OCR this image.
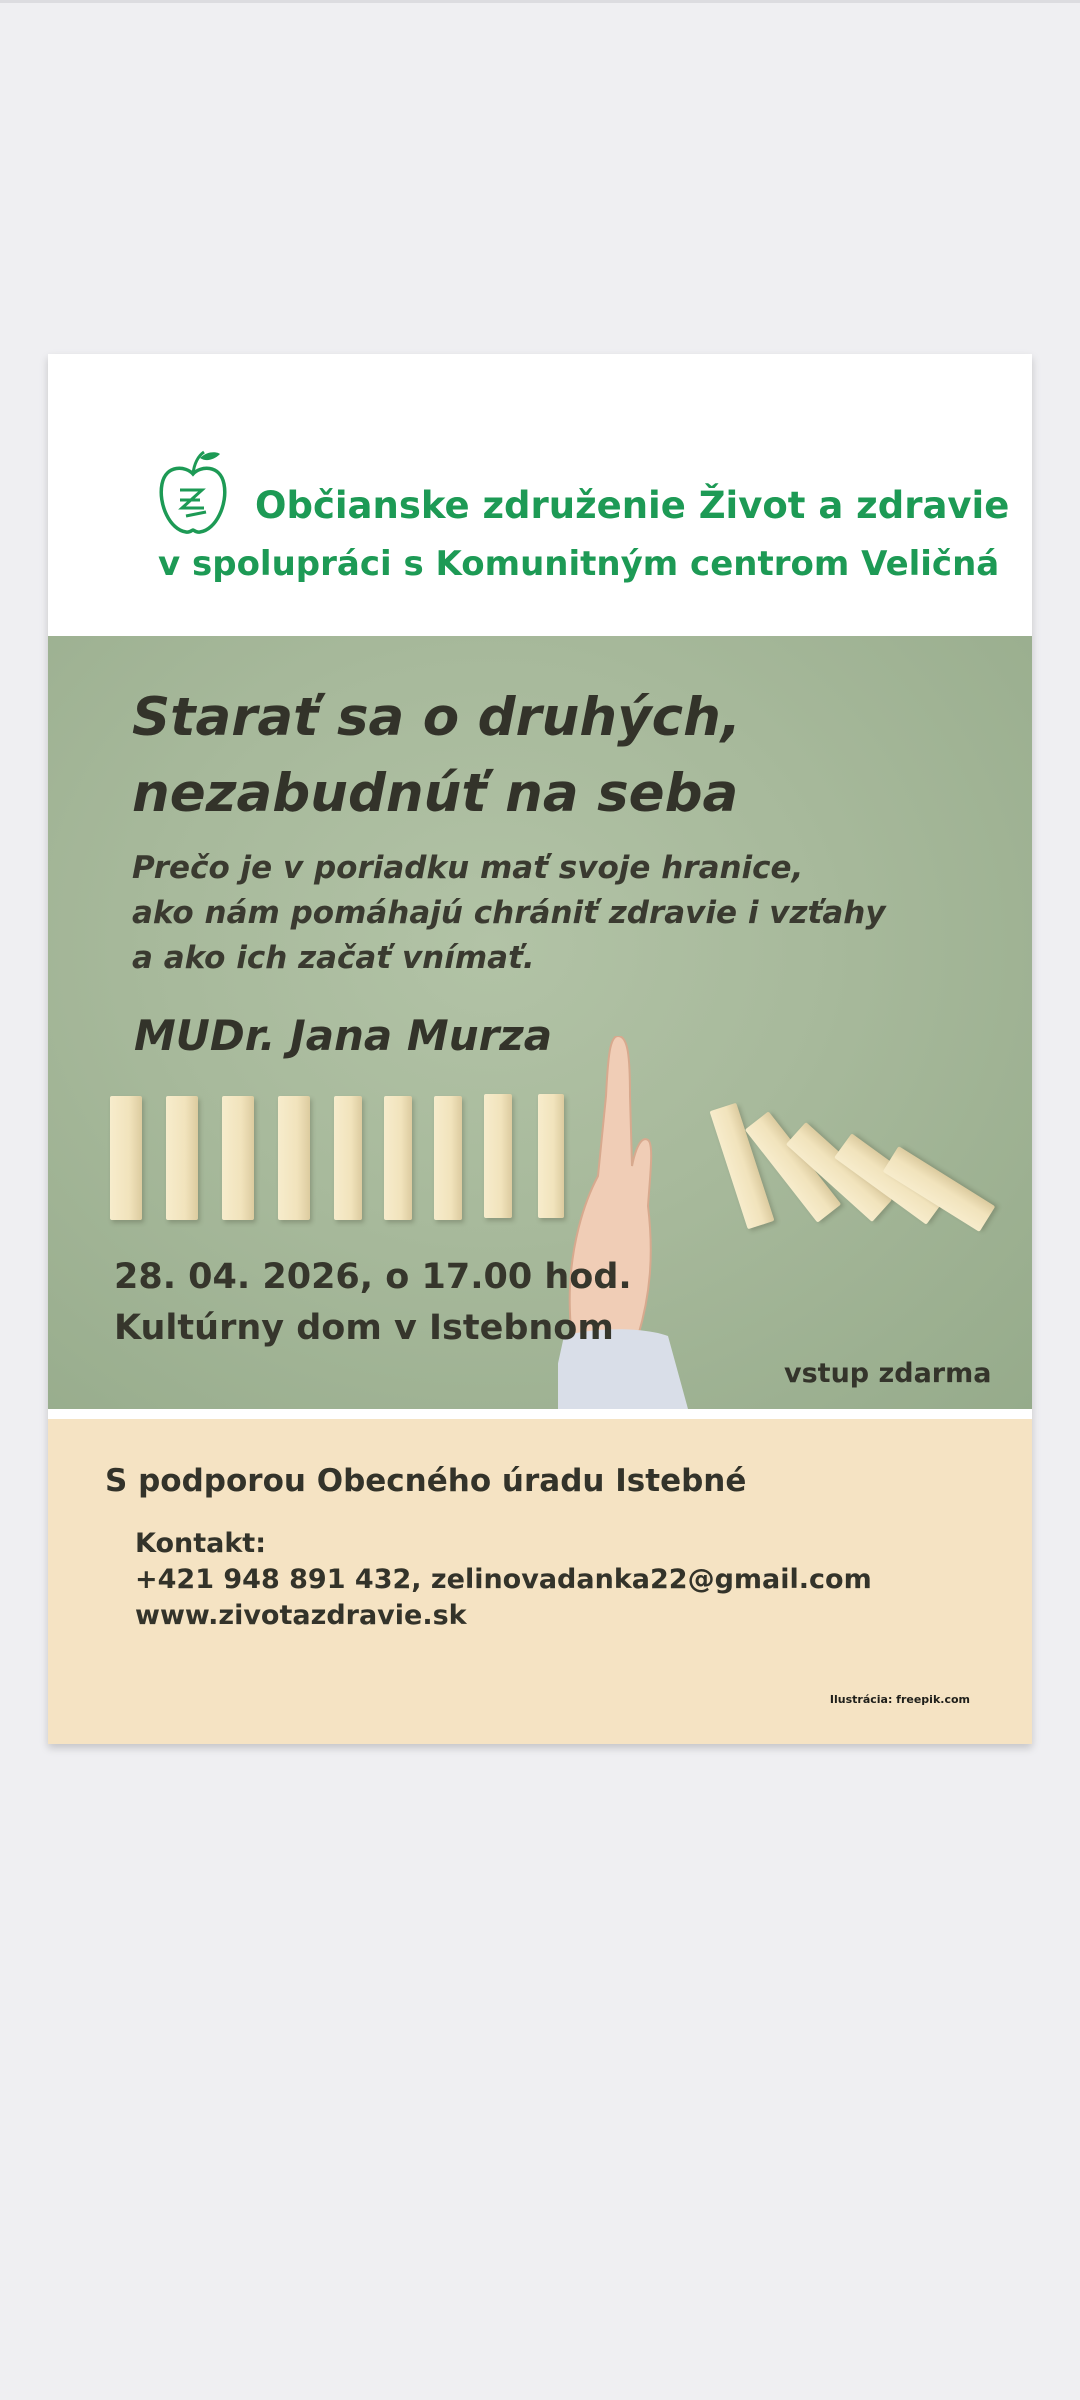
Občianske združenie Život a zdravie

v spolupráci s Komunitným centrom Veličná

Starať sa o druhých,
nezabudnúť na seba

Prečo je v poriadku mať svoje hranice,
ako nám pomáhajú chrániť zdravie i vzťahy
a ako ich začať vnímať.

MUDr. Jana Murza

28. 04. 2026, o 17.00 hod.
Kultúrny dom v Istebnom

vstup zdarma

S podporou Obecného úradu Istebné

Kontakt:
+421 948 891 432, zelinovadanka22@gmail.com
www.zivotazdravie.sk

Ilustrácia: freepik.com
